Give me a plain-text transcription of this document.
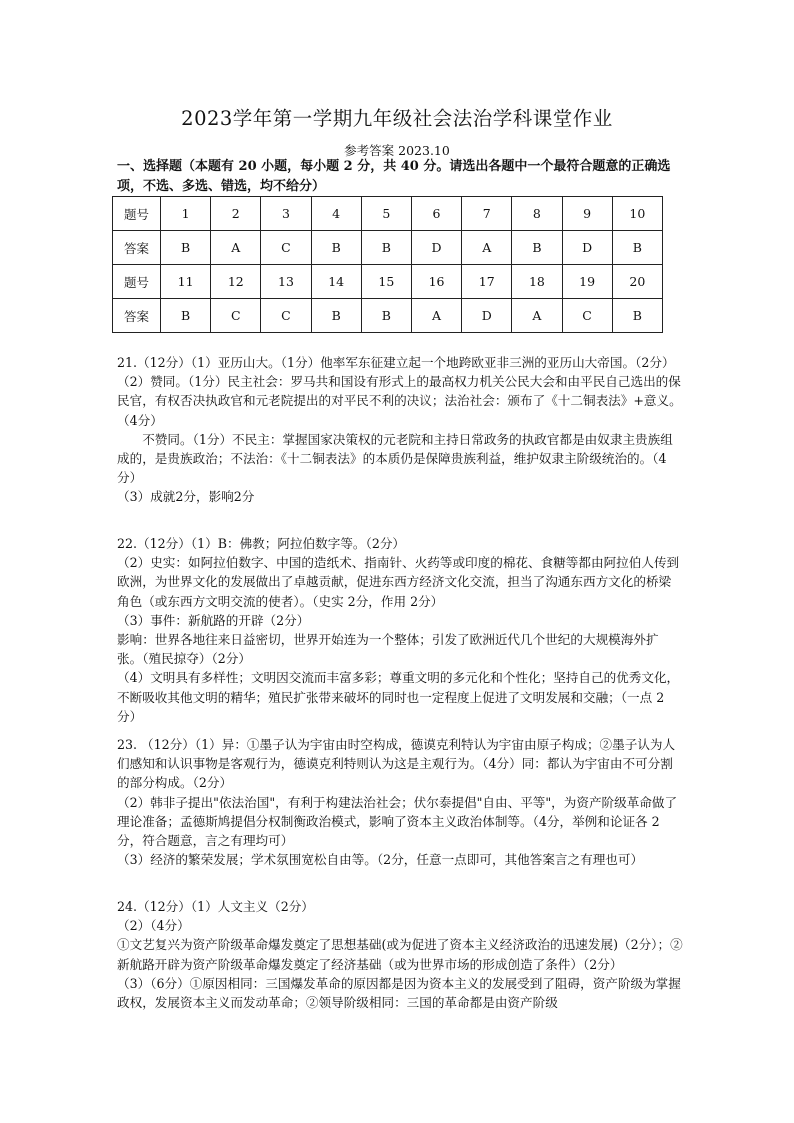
2023学年第一学期九年级社会法治学科课堂作业
参考答案 2023.10
一、选择题（本题有 20 小题，每小题 2 分，共 40 分。请选出各题中一个最符合题意的正确选项，不选、多选、错选，均不给分）
题号	1	2	3	4	5	6	7	8	9	10
答案	B	A	C	B	B	D	A	B	D	B
题号	11	12	13	14	15	16	17	18	19	20
答案	B	C	C	B	B	A	D	A	C	B

21.（12分）（1）亚历山大。（1分）他率军东征建立起一个地跨欧亚非三洲的亚历山大帝国。（2分）

（2）赞同。（1分）民主社会：罗马共和国设有形式上的最高权力机关公民大会和由平民自己选出的保民官，有权否决执政官和元老院提出的对平民不利的决议；法治社会：颁布了《十二铜表法》+意义。（4分）

不赞同。（1分）不民主：掌握国家决策权的元老院和主持日常政务的执政官都是由奴隶主贵族组成的，是贵族政治；不法治：《十二铜表法》的本质仍是保障贵族利益，维护奴隶主阶级统治的。（4分）

（3）成就2分，影响2分

22.（12分）（1）B：佛教；阿拉伯数字等。（2分）

（2）史实：如阿拉伯数字、中国的造纸术、指南针、火药等或印度的棉花、食糖等都由阿拉伯人传到欧洲，为世界文化的发展做出了卓越贡献，促进东西方经济文化交流，担当了沟通东西方文化的桥梁角色（或东西方文明交流的使者）。（史实 2分，作用 2分）

（3）事件：新航路的开辟（2分）

影响：世界各地往来日益密切，世界开始连为一个整体；引发了欧洲近代几个世纪的大规模海外扩张。（殖民掠夺）（2分）

（4）文明具有多样性；文明因交流而丰富多彩；尊重文明的多元化和个性化；坚持自己的优秀文化，不断吸收其他文明的精华；殖民扩张带来破坏的同时也一定程度上促进了文明发展和交融；（一点 2分）

23. （12分）（1）异：①墨子认为宇宙由时空构成，德谟克利特认为宇宙由原子构成；②墨子认为人们感知和认识事物是客观行为，德谟克利特则认为这是主观行为。（4分）同：都认为宇宙由不可分割的部分构成。（2分）

（2）韩非子提出"依法治国"，有利于构建法治社会；伏尔泰提倡"自由、平等"，为资产阶级革命做了理论准备；孟德斯鸠提倡分权制衡政治模式，影响了资本主义政治体制等。（4分，举例和论证各 2分，符合题意，言之有理均可）

（3）经济的繁荣发展；学术氛围宽松自由等。（2分，任意一点即可，其他答案言之有理也可）

24.（12分）（1）人文主义（2分）

（2）（4分）

①文艺复兴为资产阶级革命爆发奠定了思想基础(或为促进了资本主义经济政治的迅速发展)（2分）；②新航路开辟为资产阶级革命爆发奠定了经济基础（或为世界市场的形成创造了条件）（2分）

（3）（6分）①原因相同：三国爆发革命的原因都是因为资本主义的发展受到了阻碍，资产阶级为掌握政权，发展资本主义而发动革命；②领导阶级相同：三国的革命都是由资产阶级
